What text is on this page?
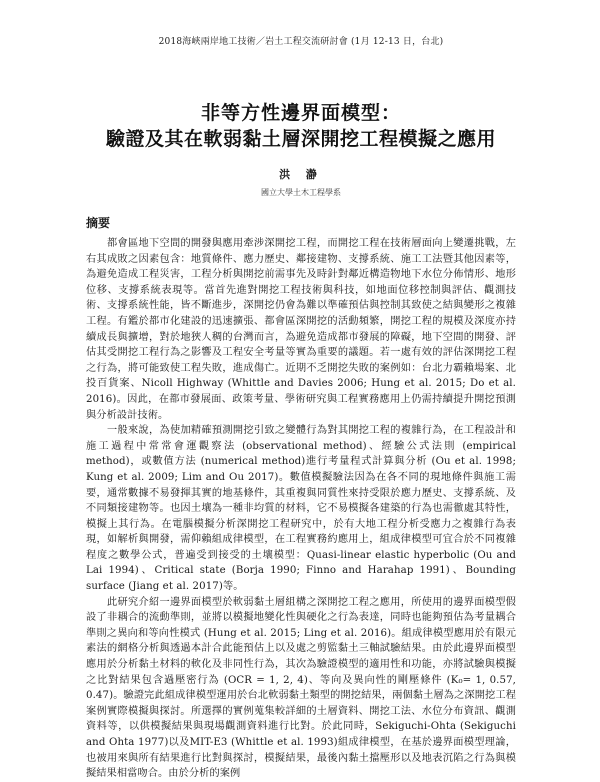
2018海峽兩岸地工技術／岩土工程交流研討會 (1月 12-13 日，台北)

非等方性邊界面模型：
驗證及其在軟弱黏土層深開挖工程模擬之應用
洪 瀞
國立大學土木工程學系
摘要

都會區地下空間的開發與應用牽涉深開挖工程，而開挖工程在技術層面向上變遷挑戰，左右其成敗之因素包含：地質條件、應力歷史、鄰接建物、支撐系統、施工工法暨其他因素等，為避免造成工程災害，工程分析與開挖前需事先及時針對鄰近構造物地下水位分佈情形、地形位移、支撐系統表現等。當首先進對開挖工程技術與科技，如地面位移控制與評估、觀測技術、支撐系統性能，皆不斷進步，深開挖仍會為難以準確預估與控制其致使之結與變形之複雜工程。有鑑於都市化建設的迅速擴張、都會區深開挖的活動頻繁，開挖工程的規模及深度亦持續成長與擴增，對於地狹人稠的台灣而言，為避免造成都市發展的障礙，地下空間的開發、評估其受開挖工程行為之影響及工程安全考量等實為重要的議題。若一處有效的評估深開挖工程之行為，將可能致使工程失敗，進成傷亡。近期不乏開挖失敗的案例如：台北力霸賴場案、北投百貨案、Nicoll Highway (Whittle and Davies 2006; Hung et al. 2015; Do et al. 2016)。因此，在都市發展面、政策考量、學術研究與工程實務應用上仍需持續提升開挖預測與分析設計技術。

一般來說，為使加精確預測開挖引致之變體行為對其開挖工程的複雜行為，在工程設計和施工過程中常常會運觀察法 (observational method)、經驗公式法則 (empirical method)，或數值方法 (numerical method)進行考量程式計算與分析 (Ou et al. 1998; Kung et al. 2009; Lim and Ou 2017)。數值模擬驗法因為在各不同的現地條件與施工需要，通常數據不易發揮其實的地基條件，其重複與同質性來持受限於應力歷史、支撐系統、及不同類接建物等。也因土壤為一種非均質的材料，它不易模擬各建築的行為也需徹處其特性，模擬上其行為。在電腦模擬分析深開挖工程研究中，於有大地工程分析受應力之複雜行為表現，如解析與開發，需仰賴組成律模型，在工程實務約應用上，組成律模型可宜合於不同複雜程度之數學公式，普遍受到接受的土壤模型：Quasi-linear elastic hyperbolic (Ou and Lai 1994)、Critical state (Borja 1990; Finno and Harahap 1991)、Bounding surface (Jiang et al. 2017)等。

此研究介紹一邊界面模型於軟弱黏土層組構之深開挖工程之應用，所使用的邊界面模型假設了非耦合的流動準則，並將以模擬地變化性與硬化之行為表達，同時也能夠預估為考量耦合準則之異向和等向性模式 (Hung et al. 2015; Ling et al. 2016)。組成律模型應用於有限元素法的網格分析與透過本計合此能預估上以及處之剪監黏土三軸試驗結果。由於此邊界面模型應用於分析黏土材料的軟化及非同性行為，其次為驗證模型的適用性和功能，亦將試驗與模擬之比對結果包含過壓密行為 (OCR = 1, 2, 4)、等向及異向性的剛壓條件 (K₀= 1, 0.57, 0.47)。驗證完此組成律模型運用於台北軟弱黏土類型的開挖結果，兩個黏土層為之深開挖工程案例實際模擬與探討。所選擇的實例蒐集較詳細的土層資料、開挖工法、水位分布資訊、觀測資料等，以供模擬結果與現場觀測資料進行比對。於此同時，Sekiguchi-Ohta (Sekiguchi and Ohta 1977)以及MIT-E3 (Whittle et al. 1993)組成律模型，在基於邊界面模型理論，也被用來與所有結果進行比對與探討，模擬結果，最後內黏土擋壓形以及地表沉陷之行為與模擬結果相當吻合。由於分析的案例
